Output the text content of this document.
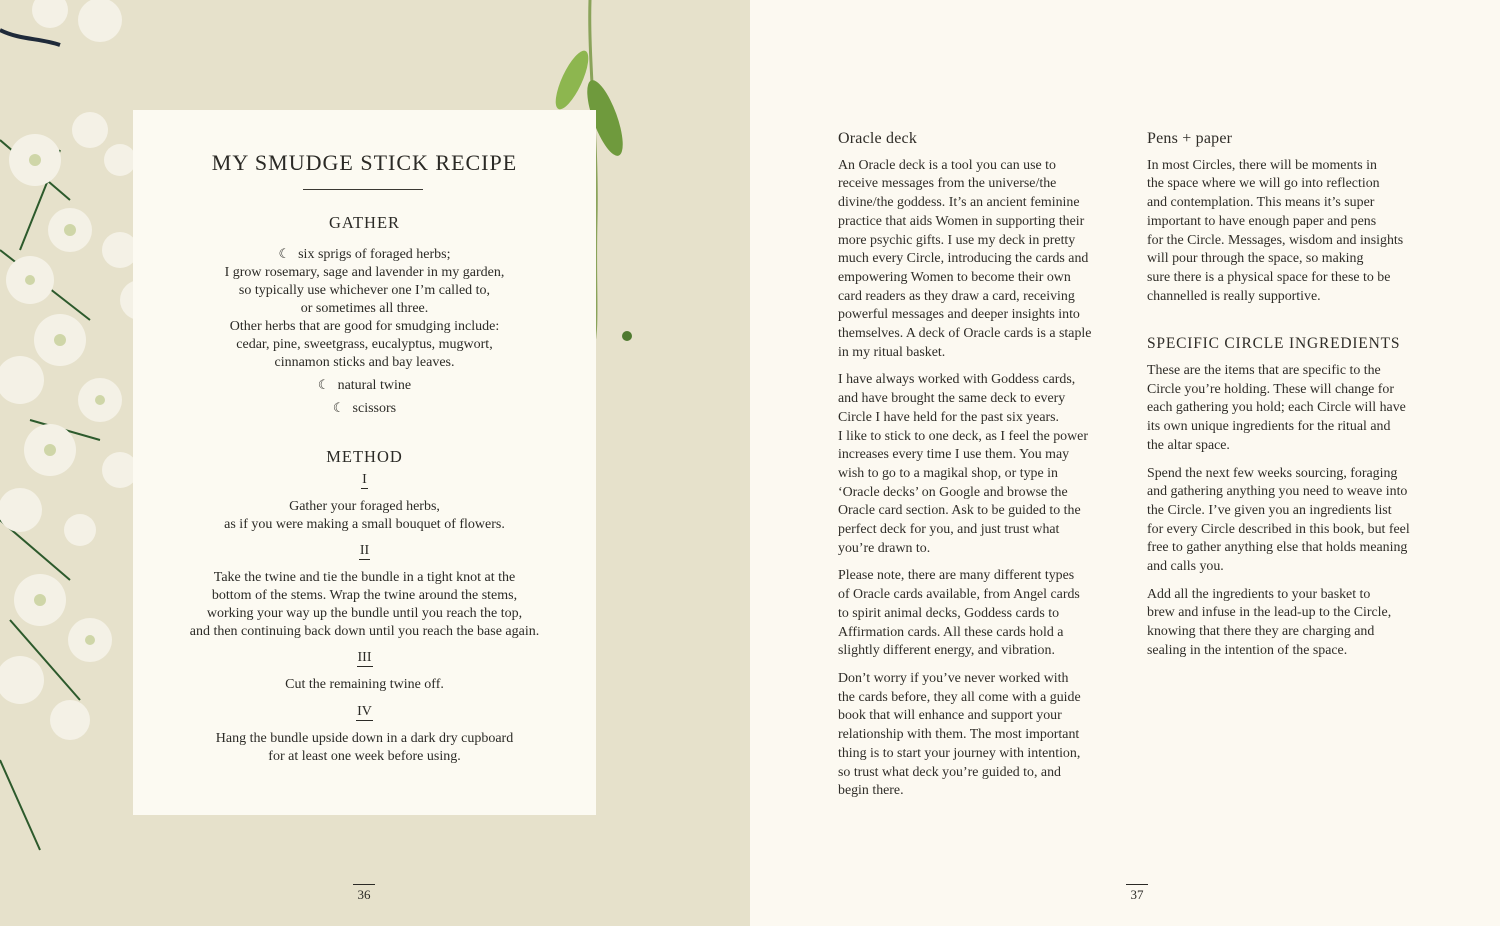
MY SMUDGE STICK RECIPE
GATHER
☾ six sprigs of foraged herbs;
I grow rosemary, sage and lavender in my garden,
so typically use whichever one I’m called to,
or sometimes all three.
Other herbs that are good for smudging include:
cedar, pine, sweetgrass, eucalyptus, mugwort,
cinnamon sticks and bay leaves.
☾ natural twine
☾ scissors
METHOD
I
Gather your foraged herbs,
as if you were making a small bouquet of flowers.
II
Take the twine and tie the bundle in a tight knot at the
bottom of the stems. Wrap the twine around the stems,
working your way up the bundle until you reach the top,
and then continuing back down until you reach the base again.
III
Cut the remaining twine off.
IV
Hang the bundle upside down in a dark dry cupboard
for at least one week before using.
36
Oracle deck

An Oracle deck is a tool you can use to
receive messages from the universe/the
divine/the goddess. It’s an ancient feminine
practice that aids Women in supporting their
more psychic gifts. I use my deck in pretty
much every Circle, introducing the cards and
empowering Women to become their own
card readers as they draw a card, receiving
powerful messages and deeper insights into
themselves. A deck of Oracle cards is a staple
in my ritual basket.

I have always worked with Goddess cards,
and have brought the same deck to every
Circle I have held for the past six years.
I like to stick to one deck, as I feel the power
increases every time I use them. You may
wish to go to a magikal shop, or type in
‘Oracle decks’ on Google and browse the
Oracle card section. Ask to be guided to the
perfect deck for you, and just trust what
you’re drawn to.

Please note, there are many different types
of Oracle cards available, from Angel cards
to spirit animal decks, Goddess cards to
Affirmation cards. All these cards hold a
slightly different energy, and vibration.

Don’t worry if you’ve never worked with
the cards before, they all come with a guide
book that will enhance and support your
relationship with them. The most important
thing is to start your journey with intention,
so trust what deck you’re guided to, and
begin there.

Pens + paper

In most Circles, there will be moments in
the space where we will go into reflection
and contemplation. This means it’s super
important to have enough paper and pens
for the Circle. Messages, wisdom and insights
will pour through the space, so making
sure there is a physical space for these to be
channelled is really supportive.

SPECIFIC CIRCLE INGREDIENTS

These are the items that are specific to the
Circle you’re holding. These will change for
each gathering you hold; each Circle will have
its own unique ingredients for the ritual and
the altar space.

Spend the next few weeks sourcing, foraging
and gathering anything you need to weave into
the Circle. I’ve given you an ingredients list
for every Circle described in this book, but feel
free to gather anything else that holds meaning
and calls you.

Add all the ingredients to your basket to
brew and infuse in the lead-up to the Circle,
knowing that there they are charging and
sealing in the intention of the space.

37
